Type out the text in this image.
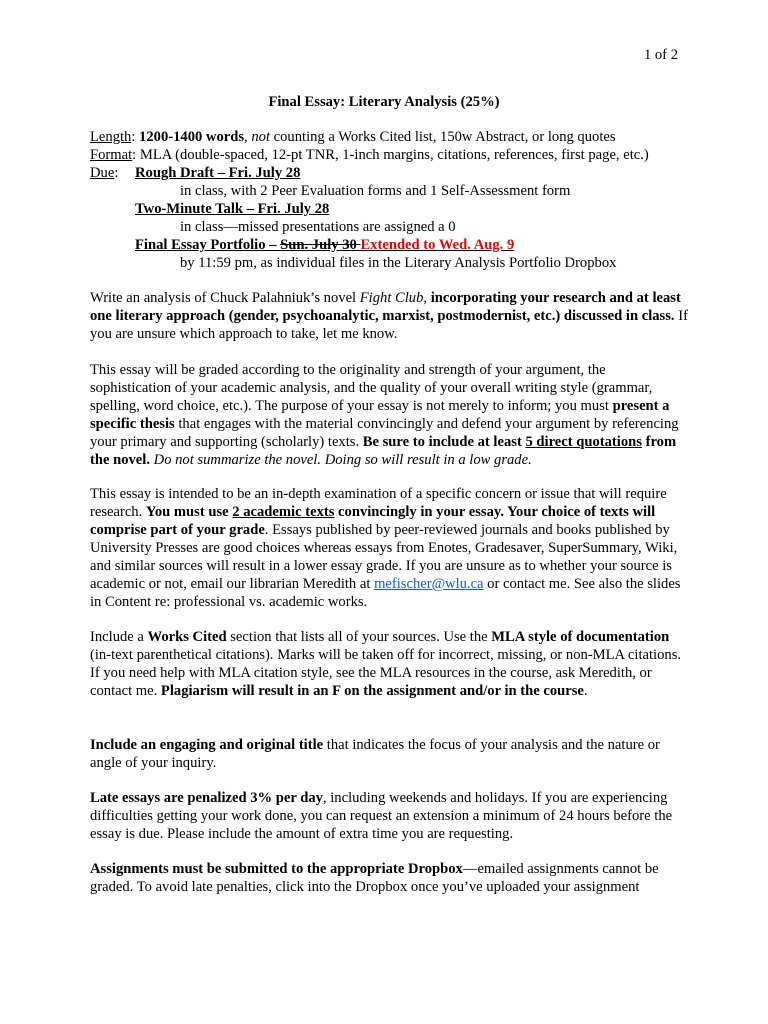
1 of 2
Final Essay: Literary Analysis (25%)
Length: 1200-1400 words, not counting a Works Cited list, 150w Abstract, or long quotes
Format: MLA (double-spaced, 12-pt TNR, 1-inch margins, citations, references, first page, etc.)
Due: Rough Draft – Fri. July 28
in class, with 2 Peer Evaluation forms and 1 Self-Assessment form
Two-Minute Talk – Fri. July 28
in class—missed presentations are assigned a 0
Final Essay Portfolio – Sun. July 30 Extended to Wed. Aug. 9
by 11:59 pm, as individual files in the Literary Analysis Portfolio Dropbox
Write an analysis of Chuck Palahniuk’s novel Fight Club, incorporating your research and at least one literary approach (gender, psychoanalytic, marxist, postmodernist, etc.) discussed in class. If you are unsure which approach to take, let me know.
This essay will be graded according to the originality and strength of your argument, the sophistication of your academic analysis, and the quality of your overall writing style (grammar, spelling, word choice, etc.). The purpose of your essay is not merely to inform; you must present a specific thesis that engages with the material convincingly and defend your argument by referencing your primary and supporting (scholarly) texts. Be sure to include at least 5 direct quotations from the novel. Do not summarize the novel. Doing so will result in a low grade.
This essay is intended to be an in-depth examination of a specific concern or issue that will require research. You must use 2 academic texts convincingly in your essay. Your choice of texts will comprise part of your grade. Essays published by peer-reviewed journals and books published by University Presses are good choices whereas essays from Enotes, Gradesaver, SuperSummary, Wiki, and similar sources will result in a lower essay grade. If you are unsure as to whether your source is academic or not, email our librarian Meredith at mefischer@wlu.ca or contact me. See also the slides in Content re: professional vs. academic works.
Include a Works Cited section that lists all of your sources. Use the MLA style of documentation (in-text parenthetical citations). Marks will be taken off for incorrect, missing, or non-MLA citations. If you need help with MLA citation style, see the MLA resources in the course, ask Meredith, or contact me. Plagiarism will result in an F on the assignment and/or in the course.
Include an engaging and original title that indicates the focus of your analysis and the nature or angle of your inquiry.
Late essays are penalized 3% per day, including weekends and holidays. If you are experiencing difficulties getting your work done, you can request an extension a minimum of 24 hours before the essay is due. Please include the amount of extra time you are requesting.
Assignments must be submitted to the appropriate Dropbox—emailed assignments cannot be graded. To avoid late penalties, click into the Dropbox once you’ve uploaded your assignment
